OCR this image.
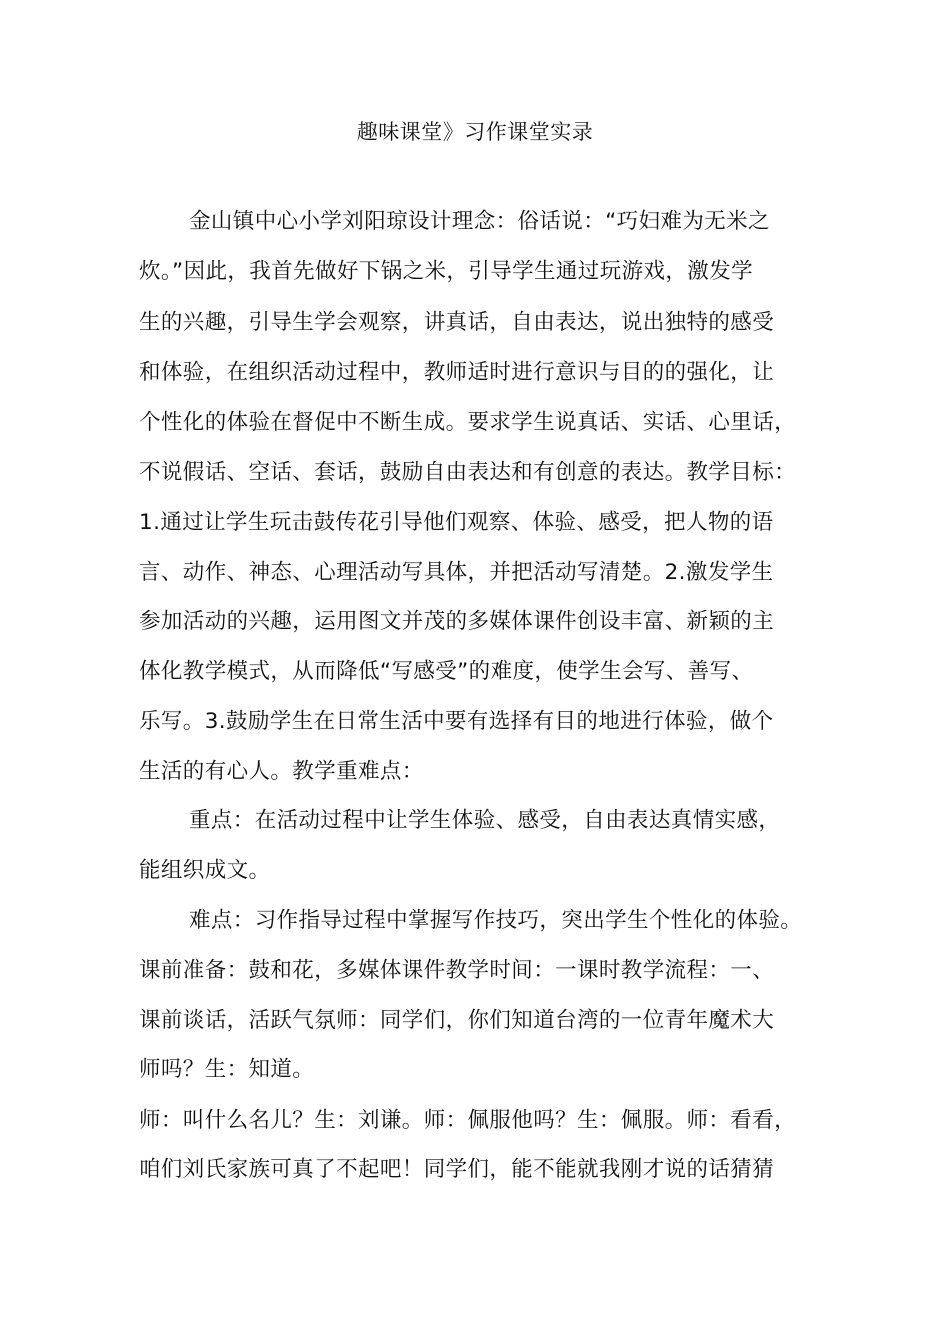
趣味课堂》习作课堂实录
金山镇中心小学刘阳琼设计理念：俗话说：“巧妇难为无米之
炊。”因此，我首先做好下锅之米，引导学生通过玩游戏，激发学
生的兴趣，引导生学会观察，讲真话，自由表达，说出独特的感受
和体验，在组织活动过程中，教师适时进行意识与目的的强化，让
个性化的体验在督促中不断生成。要求学生说真话、实话、心里话，
不说假话、空话、套话，鼓励自由表达和有创意的表达。教学目标：
1.通过让学生玩击鼓传花引导他们观察、体验、感受，把人物的语
言、动作、神态、心理活动写具体，并把活动写清楚。2.激发学生
参加活动的兴趣，运用图文并茂的多媒体课件创设丰富、新颖的主
体化教学模式，从而降低“写感受”的难度，使学生会写、善写、
乐写。3.鼓励学生在日常生活中要有选择有目的地进行体验，做个
生活的有心人。教学重难点：
重点：在活动过程中让学生体验、感受，自由表达真情实感，
能组织成文。
难点：习作指导过程中掌握写作技巧，突出学生个性化的体验。
课前准备：鼓和花，多媒体课件教学时间：一课时教学流程：一、
课前谈话，活跃气氛师：同学们，你们知道台湾的一位青年魔术大
师吗？生：知道。
师：叫什么名儿？生：刘谦。师：佩服他吗？生：佩服。师：看看，
咱们刘氏家族可真了不起吧！同学们，能不能就我刚才说的话猜猜
